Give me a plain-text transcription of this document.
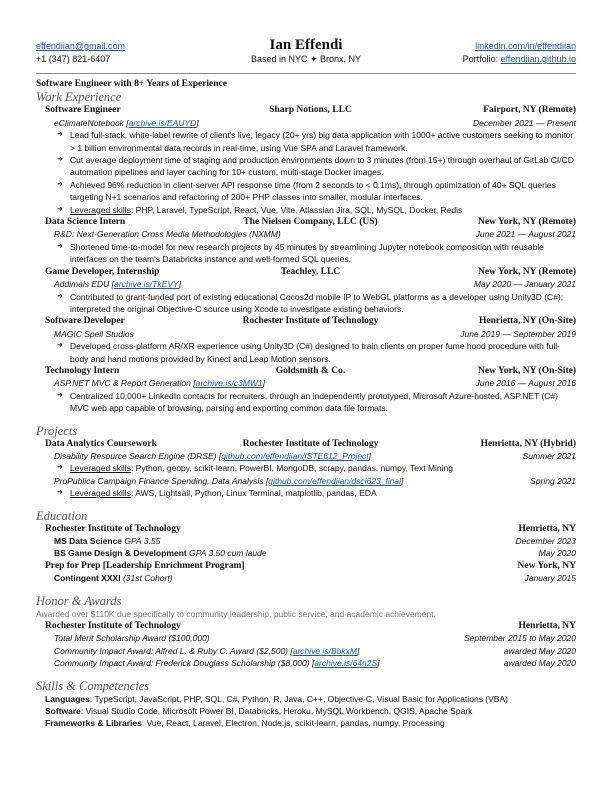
effendiian@gmail.com
+1 (347) 821-6407
Ian Effendi
Based in NYC ✦ Bronx, NY
linkedin.com/in/effendiian
Portfolio: effendiian.github.io
Software Engineer with 8+ Years of Experience
Work Experience
Software Engineer	Sharp Notions, LLC	Fairport, NY (Remote)
eClimateNotebook [archive.is/EAUYD]	December 2021 — Present
➜ Lead full-stack, white-label rewrite of client's live, legacy (20+ yrs) big data application with 1000+ active customers seeking to monitor > 1 billion environmental data records in real-time, using Vue SPA and Laravel framework.
➜ Cut average deployment time of staging and production environments down to 3 minutes (from 15+) through overhaul of GitLab CI/CD automation pipelines and layer caching for 10+ custom, multi-stage Docker images.
➜ Achieved 96% reduction in client-server API response time (from 2 seconds to < 0.1ms), through optimization of 40+ SQL queries targeting N+1 scenarios and refactoring of 200+ PHP classes into smaller, modular interfaces.
➜ Leveraged skills: PHP, Laravel, TypeScript, React, Vue, Vite, Atlassian Jira, SQL, MySQL, Docker, Redis
Data Science Intern	The Nielsen Company, LLC (US)	New York, NY (Remote)
R&D: Next-Generation Cross Media Methodologies (NXMM)	June 2021 — August 2021
➜ Shortened time-to-model for new research projects by 45 minutes by streamlining Jupyter notebook composition with reusable interfaces on the team's Databricks instance and well-formed SQL queries.
Game Developer, Internship	Teachley, LLC	New York, NY (Remote)
Addimals EDU [archive.is/TkEVY]	May 2020 — January 2021
➜ Contributed to grant-funded port of existing educational Cocos2d mobile IP to WebGL platforms as a developer using Unity3D (C#); interpreted the original Objective-C source using Xcode to investigate existing behaviors.
Software Developer	Rochester Institute of Technology	Henrietta, NY (On-Site)
MAGIC Spell Studios	June 2019 — September 2019
➜ Developed cross-platform AR/XR experience using Unity3D (C#) designed to train clients on proper fume hood procedure with full-body and hand motions provided by Kinect and Leap Motion sensors.
Technology Intern	Goldsmith & Co.	New York, NY (On-Site)
ASP.NET MVC & Report Generation [archive.is/c3MW1]	June 2016 — August 2016
➜ Centralized 10,000+ LinkedIn contacts for recruiters, through an independently prototyped, Microsoft Azure-hosted, ASP.NET (C#) MVC web app capable of browsing, parsing and exporting common data file formats.
Projects
Data Analytics Coursework	Rochester Institute of Technology	Henrietta, NY (Hybrid)
Disability Resource Search Engine (DRSE) [github.com/effendiian/ISTE612_Project]	Summer 2021
➜ Leveraged skills: Python, geopy, scikit-learn, PowerBI, MongoDB, scrapy, pandas, numpy, Text Mining
ProPublica Campaign Finance Spending, Data Analysis [github.com/effendiian/dsci623_final]	Spring 2021
➜ Leveraged skills: AWS, Lightsail, Python, Linux Terminal, matplotlib, pandas, EDA
Education
Rochester Institute of Technology	Henrietta, NY
MS Data Science GPA 3.55	December 2023
BS Game Design & Development GPA 3.50 cum laude	May 2020
Prep for Prep [Leadership Enrichment Program]	New York, NY
Contingent XXXI (31st Cohort)	January 2015
Honor & Awards
Awarded over $110K due specifically to community leadership, public service, and academic achievement.
Rochester Institute of Technology	Henrietta, NY
Total Merit Scholarship Award ($100,000)	September 2015 to May 2020
Community Impact Award: Alfred L. & Ruby C. Award ($2,500) [archive.is/BbkxM]	awarded May 2020
Community Impact Award: Frederick Douglass Scholarship ($8,000) [archive.is/64n2S]	awarded May 2020
Skills & Competencies
Languages: TypeScript, JavaScript, PHP, SQL, C#, Python, R, Java, C++, Objective-C, Visual Basic for Applications (VBA)
Software: Visual Studio Code, Microsoft Power BI, Databricks, Heroku, MySQL Workbench, QGIS, Apache Spark
Frameworks & Libraries: Vue, React, Laravel, Electron, Node.js, scikit-learn, pandas, numpy, Processing
